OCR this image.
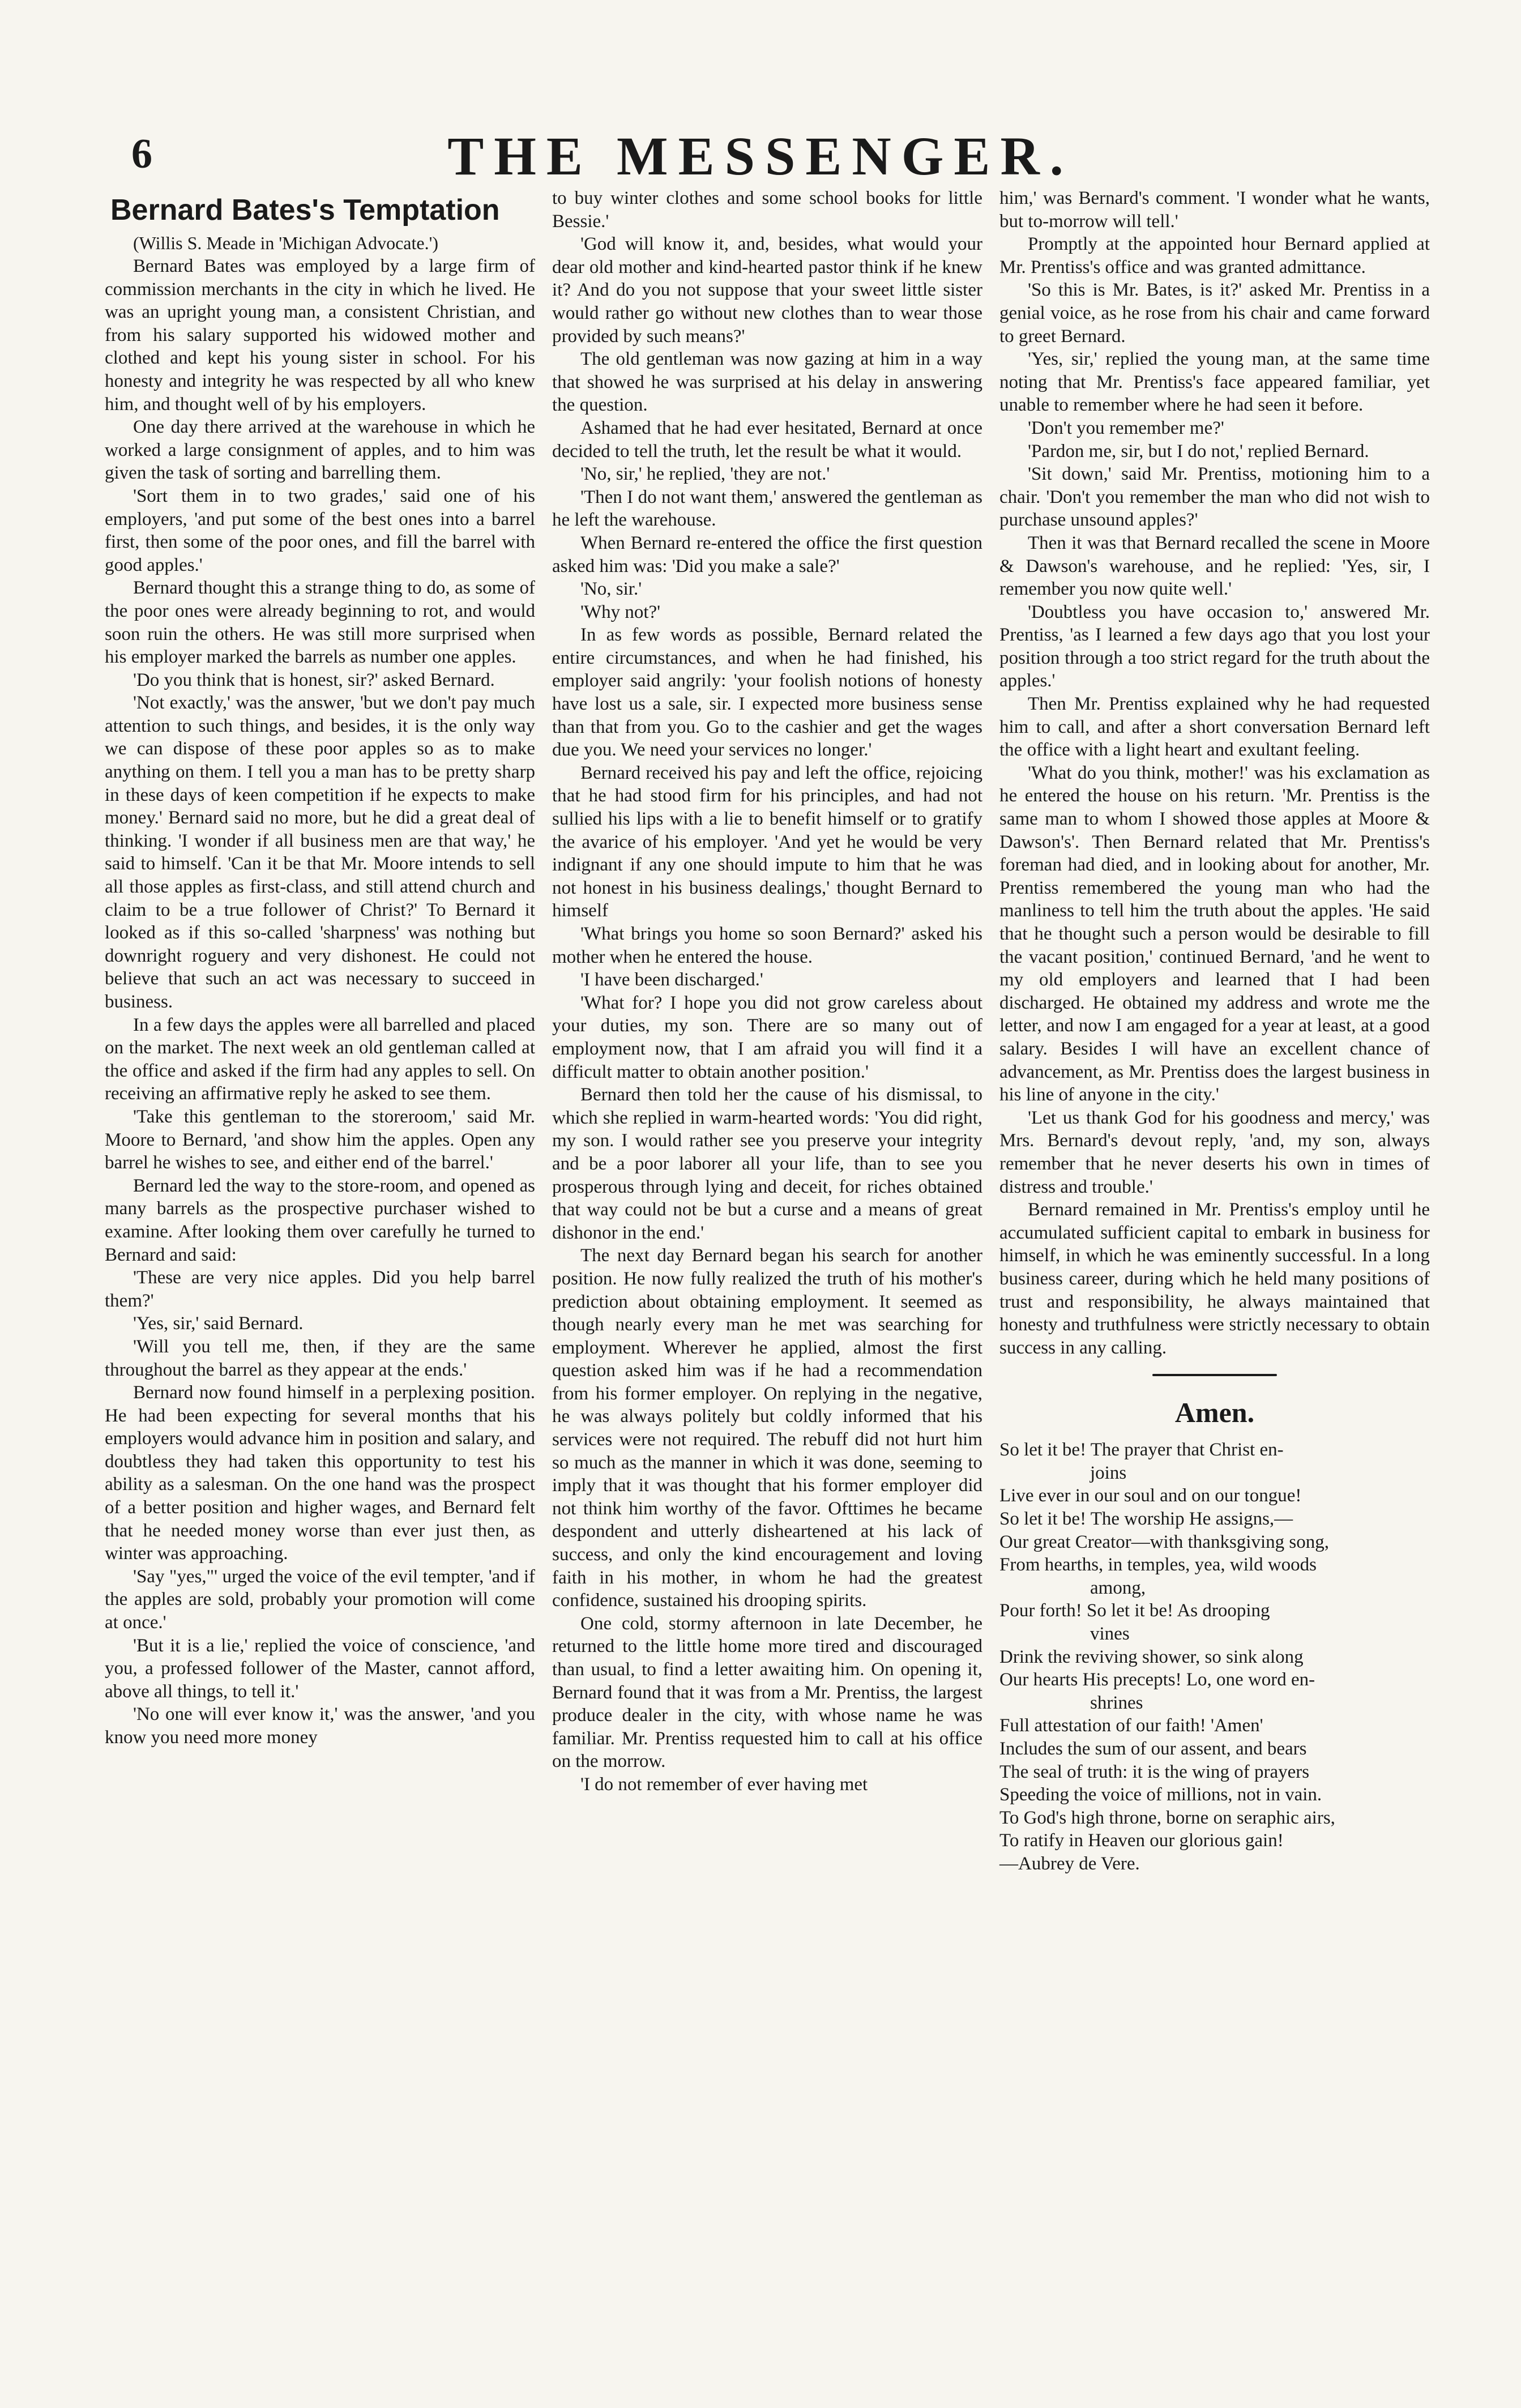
6	THE MESSENGER.
Bernard Bates's Temptation

(Willis S. Meade in 'Michigan Advocate.')

Bernard Bates was employed by a large firm of commission merchants in the city in which he lived. He was an upright young man, a consistent Christian, and from his salary supported his widowed mother and clothed and kept his young sister in school. For his honesty and integrity he was respected by all who knew him, and thought well of by his employers.

One day there arrived at the warehouse in which he worked a large consignment of apples, and to him was given the task of sorting and barrelling them.

'Sort them in to two grades,' said one of his employers, 'and put some of the best ones into a barrel first, then some of the poor ones, and fill the barrel with good apples.'

Bernard thought this a strange thing to do, as some of the poor ones were already beginning to rot, and would soon ruin the others. He was still more surprised when his employer marked the barrels as number one apples.

'Do you think that is honest, sir?' asked Bernard.

'Not exactly,' was the answer, 'but we don't pay much attention to such things, and besides, it is the only way we can dispose of these poor apples so as to make anything on them. I tell you a man has to be pretty sharp in these days of keen competition if he expects to make money.' Bernard said no more, but he did a great deal of thinking. 'I wonder if all business men are that way,' he said to himself. 'Can it be that Mr. Moore intends to sell all those apples as first-class, and still attend church and claim to be a true follower of Christ?' To Bernard it looked as if this so-called 'sharpness' was nothing but downright roguery and very dishonest. He could not believe that such an act was necessary to succeed in business.

In a few days the apples were all barrelled and placed on the market. The next week an old gentleman called at the office and asked if the firm had any apples to sell. On receiving an affirmative reply he asked to see them.

'Take this gentleman to the storeroom,' said Mr. Moore to Bernard, 'and show him the apples. Open any barrel he wishes to see, and either end of the barrel.'

Bernard led the way to the store-room, and opened as many barrels as the prospective purchaser wished to examine. After looking them over carefully he turned to Bernard and said:

'These are very nice apples. Did you help barrel them?'

'Yes, sir,' said Bernard.

'Will you tell me, then, if they are the same throughout the barrel as they appear at the ends.'

Bernard now found himself in a perplexing position. He had been expecting for several months that his employers would advance him in position and salary, and doubtless they had taken this opportunity to test his ability as a salesman. On the one hand was the prospect of a better position and higher wages, and Bernard felt that he needed money worse than ever just then, as winter was approaching.

'Say "yes,"' urged the voice of the evil tempter, 'and if the apples are sold, probably your promotion will come at once.'

'But it is a lie,' replied the voice of conscience, 'and you, a professed follower of the Master, cannot afford, above all things, to tell it.'

'No one will ever know it,' was the answer, 'and you know you need more money

to buy winter clothes and some school books for little Bessie.'

'God will know it, and, besides, what would your dear old mother and kind-hearted pastor think if he knew it? And do you not suppose that your sweet little sister would rather go without new clothes than to wear those provided by such means?'

The old gentleman was now gazing at him in a way that showed he was surprised at his delay in answering the question.

Ashamed that he had ever hesitated, Bernard at once decided to tell the truth, let the result be what it would.

'No, sir,' he replied, 'they are not.'

'Then I do not want them,' answered the gentleman as he left the warehouse.

When Bernard re-entered the office the first question asked him was: 'Did you make a sale?'

'No, sir.'

'Why not?'

In as few words as possible, Bernard related the entire circumstances, and when he had finished, his employer said angrily: 'your foolish notions of honesty have lost us a sale, sir. I expected more business sense than that from you. Go to the cashier and get the wages due you. We need your services no longer.'

Bernard received his pay and left the office, rejoicing that he had stood firm for his principles, and had not sullied his lips with a lie to benefit himself or to gratify the avarice of his employer. 'And yet he would be very indignant if any one should impute to him that he was not honest in his business dealings,' thought Bernard to himself

'What brings you home so soon Bernard?' asked his mother when he entered the house.

'I have been discharged.'

'What for? I hope you did not grow careless about your duties, my son. There are so many out of employment now, that I am afraid you will find it a difficult matter to obtain another position.'

Bernard then told her the cause of his dismissal, to which she replied in warm-hearted words: 'You did right, my son. I would rather see you preserve your integrity and be a poor laborer all your life, than to see you prosperous through lying and deceit, for riches obtained that way could not be but a curse and a means of great dishonor in the end.'

The next day Bernard began his search for another position. He now fully realized the truth of his mother's prediction about obtaining employment. It seemed as though nearly every man he met was searching for employment. Wherever he applied, almost the first question asked him was if he had a recommendation from his former employer. On replying in the negative, he was always politely but coldly informed that his services were not required. The rebuff did not hurt him so much as the manner in which it was done, seeming to imply that it was thought that his former employer did not think him worthy of the favor. Ofttimes he became despondent and utterly disheartened at his lack of success, and only the kind encouragement and loving faith in his mother, in whom he had the greatest confidence, sustained his drooping spirits.

One cold, stormy afternoon in late December, he returned to the little home more tired and discouraged than usual, to find a letter awaiting him. On opening it, Bernard found that it was from a Mr. Prentiss, the largest produce dealer in the city, with whose name he was familiar. Mr. Prentiss requested him to call at his office on the morrow.

'I do not remember of ever having met

him,' was Bernard's comment. 'I wonder what he wants, but to-morrow will tell.'

Promptly at the appointed hour Bernard applied at Mr. Prentiss's office and was granted admittance.

'So this is Mr. Bates, is it?' asked Mr. Prentiss in a genial voice, as he rose from his chair and came forward to greet Bernard.

'Yes, sir,' replied the young man, at the same time noting that Mr. Prentiss's face appeared familiar, yet unable to remember where he had seen it before.

'Don't you remember me?'

'Pardon me, sir, but I do not,' replied Bernard.

'Sit down,' said Mr. Prentiss, motioning him to a chair. 'Don't you remember the man who did not wish to purchase unsound apples?'

Then it was that Bernard recalled the scene in Moore & Dawson's warehouse, and he replied: 'Yes, sir, I remember you now quite well.'

'Doubtless you have occasion to,' answered Mr. Prentiss, 'as I learned a few days ago that you lost your position through a too strict regard for the truth about the apples.'

Then Mr. Prentiss explained why he had requested him to call, and after a short conversation Bernard left the office with a light heart and exultant feeling.

'What do you think, mother!' was his exclamation as he entered the house on his return. 'Mr. Prentiss is the same man to whom I showed those apples at Moore & Dawson's'. Then Bernard related that Mr. Prentiss's foreman had died, and in looking about for another, Mr. Prentiss remembered the young man who had the manliness to tell him the truth about the apples. 'He said that he thought such a person would be desirable to fill the vacant position,' continued Bernard, 'and he went to my old employers and learned that I had been discharged. He obtained my address and wrote me the letter, and now I am engaged for a year at least, at a good salary. Besides I will have an excellent chance of advancement, as Mr. Prentiss does the largest business in his line of anyone in the city.'

'Let us thank God for his goodness and mercy,' was Mrs. Bernard's devout reply, 'and, my son, always remember that he never deserts his own in times of distress and trouble.'

Bernard remained in Mr. Prentiss's employ until he accumulated sufficient capital to embark in business for himself, in which he was eminently successful. In a long business career, during which he held many positions of trust and responsibility, he always maintained that honesty and truthfulness were strictly necessary to obtain success in any calling.

Amen.
So let it be! The prayer that Christ en-
joins
Live ever in our soul and on our tongue!
So let it be! The worship He assigns,—
Our great Creator—with thanksgiving song,
From hearths, in temples, yea, wild woods
among,
Pour forth! So let it be! As drooping
vines
Drink the reviving shower, so sink along
Our hearts His precepts! Lo, one word en-
shrines
Full attestation of our faith! 'Amen'
Includes the sum of our assent, and bears
The seal of truth: it is the wing of prayers
Speeding the voice of millions, not in vain.
To God's high throne, borne on seraphic airs,
To ratify in Heaven our glorious gain!
—Aubrey de Vere.
